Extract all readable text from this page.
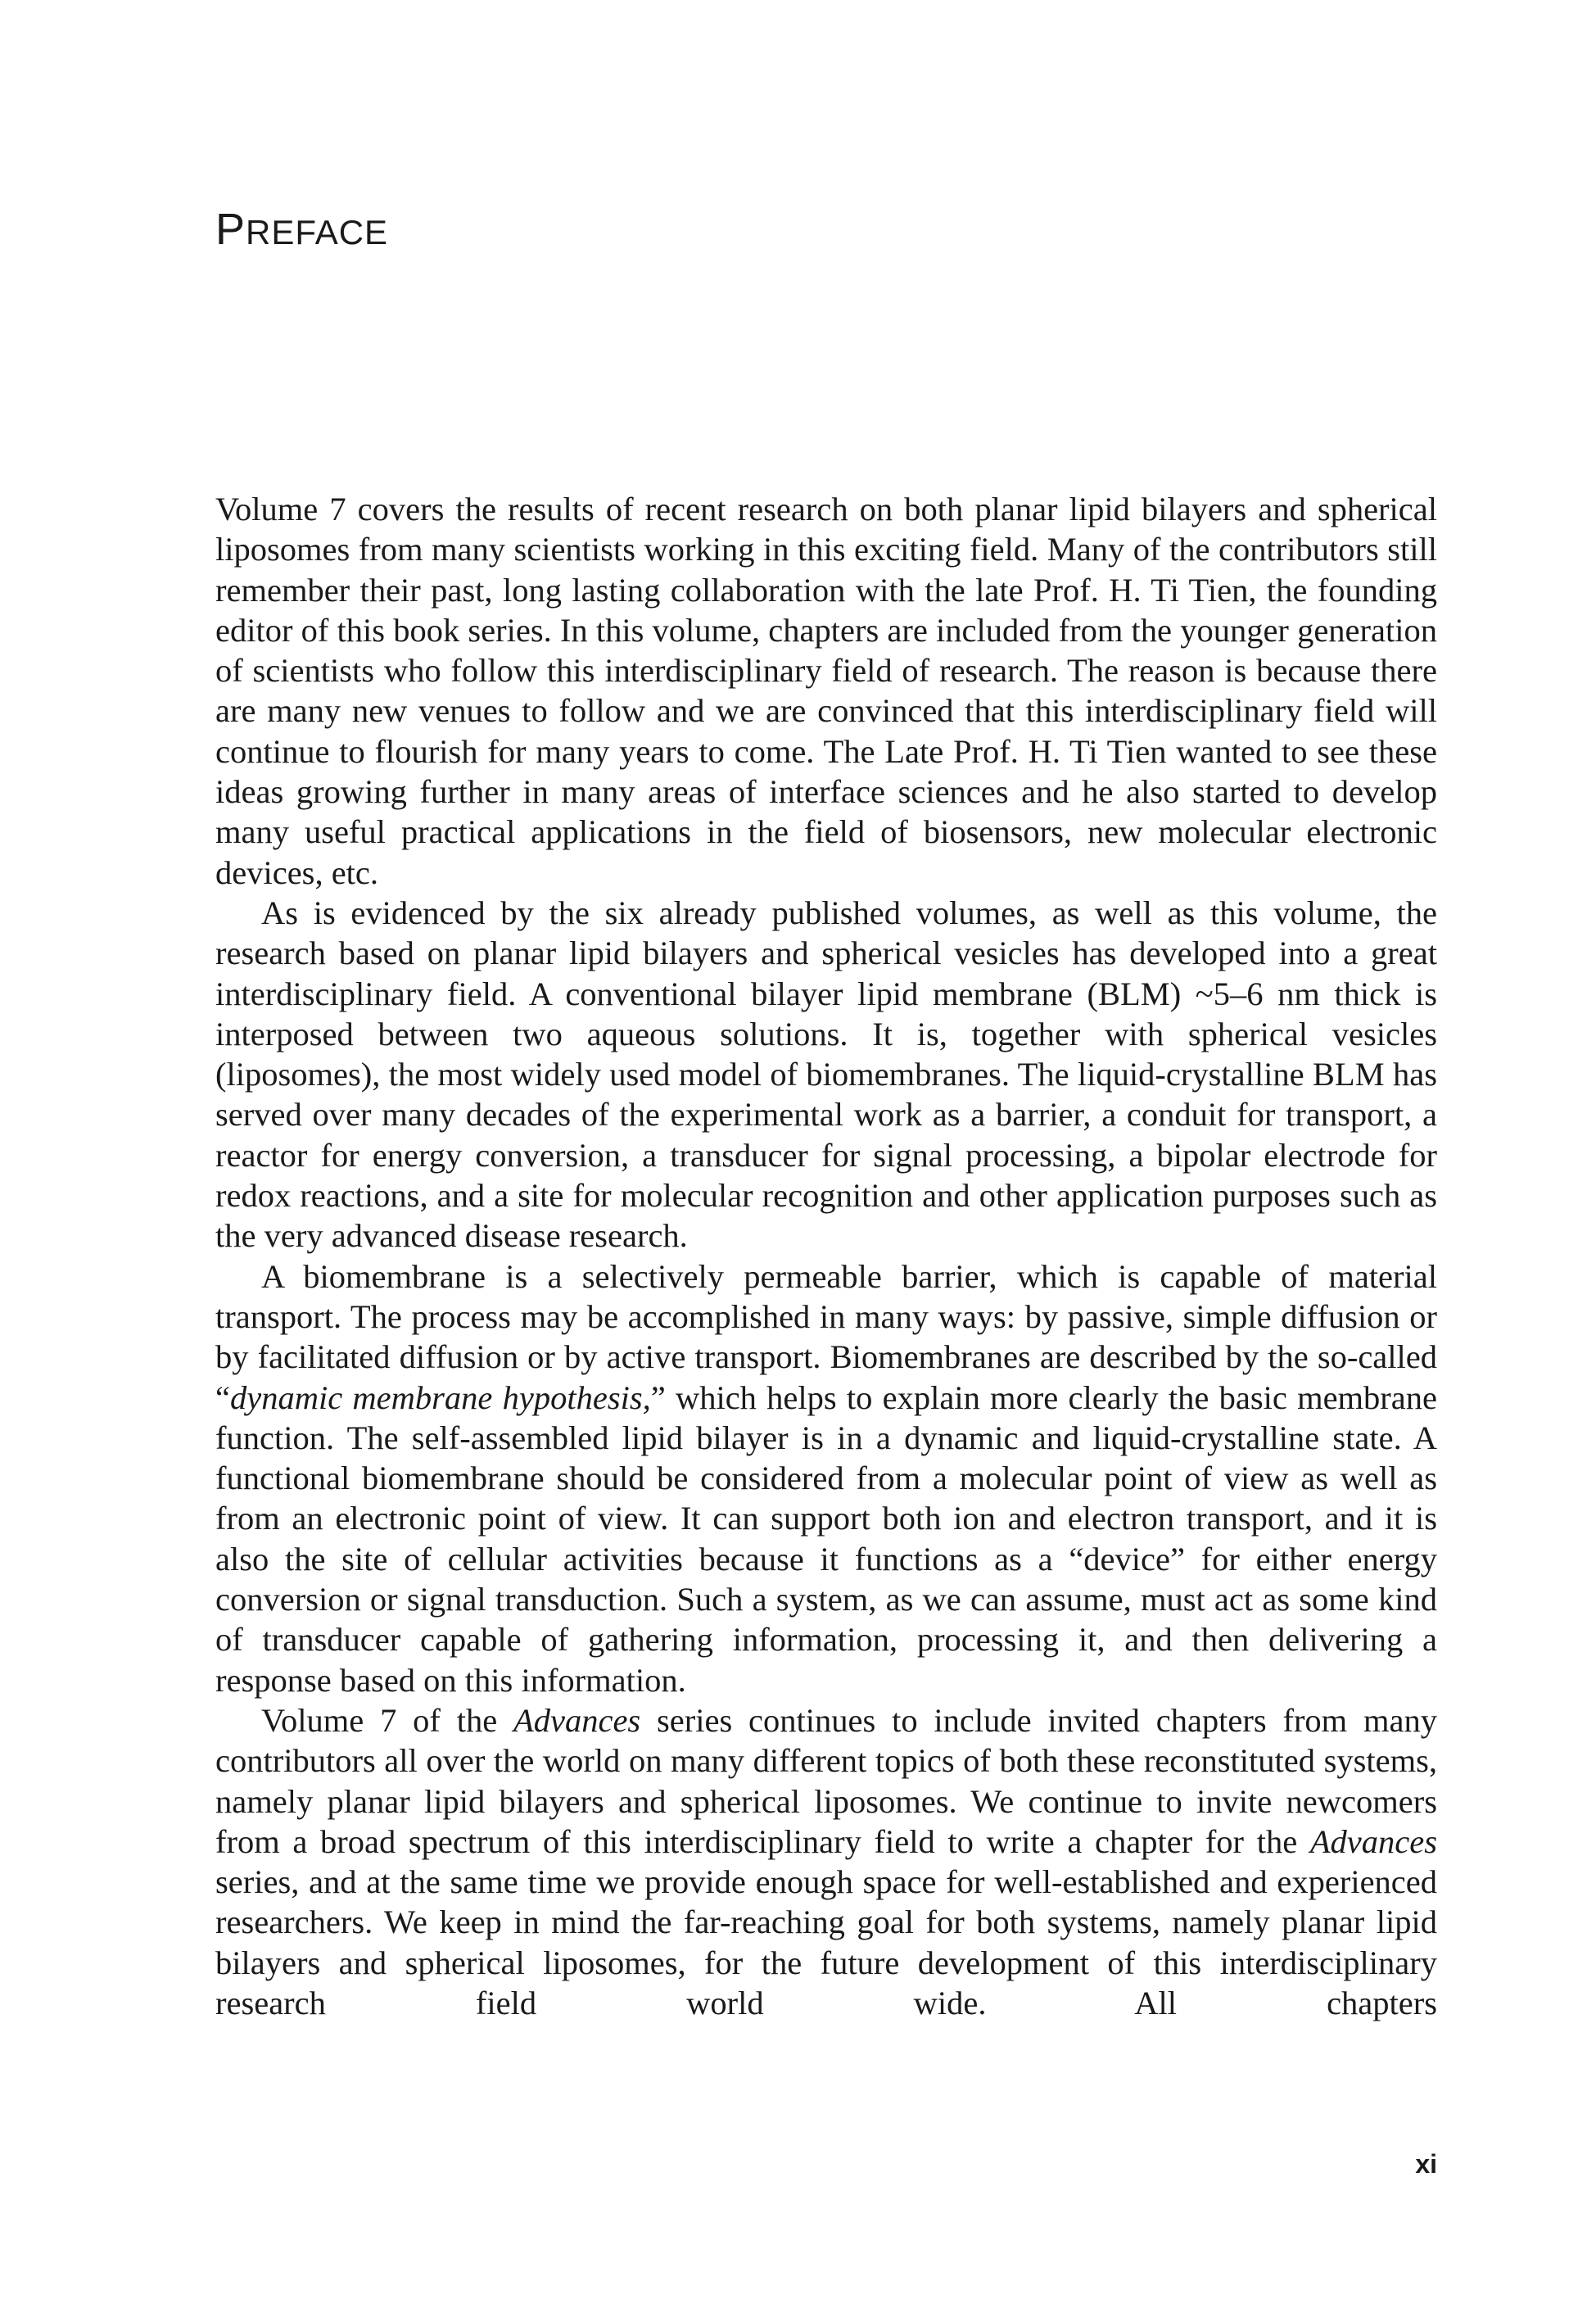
PREFACE

Volume 7 covers the results of recent research on both planar lipid bilayers and spherical liposomes from many scientists working in this exciting field. Many of the contributors still remember their past, long lasting collaboration with the late Prof. H. Ti Tien, the founding editor of this book series. In this volume, chapters are included from the younger generation of scientists who follow this interdisciplinary field of research. The reason is because there are many new venues to follow and we are convinced that this interdisciplinary field will continue to flourish for many years to come. The Late Prof. H. Ti Tien wanted to see these ideas growing further in many areas of interface sciences and he also started to develop many useful practical applications in the field of biosensors, new molecular electronic devices, etc.

As is evidenced by the six already published volumes, as well as this volume, the research based on planar lipid bilayers and spherical vesicles has developed into a great interdisciplinary field. A conventional bilayer lipid membrane (BLM) ~5–6 nm thick is interposed between two aqueous solutions. It is, together with spherical vesicles (liposomes), the most widely used model of biomembranes. The liquid-crystalline BLM has served over many decades of the experimental work as a barrier, a conduit for transport, a reactor for energy conversion, a transducer for signal processing, a bipolar electrode for redox reactions, and a site for molecular recognition and other application purposes such as the very advanced disease research.

A biomembrane is a selectively permeable barrier, which is capable of material transport. The process may be accomplished in many ways: by passive, simple diffusion or by facilitated diffusion or by active transport. Biomembranes are described by the so-called “dynamic membrane hypothesis,” which helps to explain more clearly the basic membrane function. The self-assembled lipid bilayer is in a dynamic and liquid-crystalline state. A functional biomembrane should be considered from a molecular point of view as well as from an electronic point of view. It can support both ion and electron transport, and it is also the site of cellular activities because it functions as a “device” for either energy conversion or signal transduction. Such a system, as we can assume, must act as some kind of transducer capable of gathering information, processing it, and then delivering a response based on this information.

Volume 7 of the Advances series continues to include invited chapters from many contributors all over the world on many different topics of both these reconstituted systems, namely planar lipid bilayers and spherical liposomes. We continue to invite newcomers from a broad spectrum of this interdisciplinary field to write a chapter for the Advances series, and at the same time we provide enough space for well-established and experienced researchers. We keep in mind the far-reaching goal for both systems, namely planar lipid bilayers and spherical liposomes, for the future development of this interdisciplinary research field world wide. All chapters

xi
